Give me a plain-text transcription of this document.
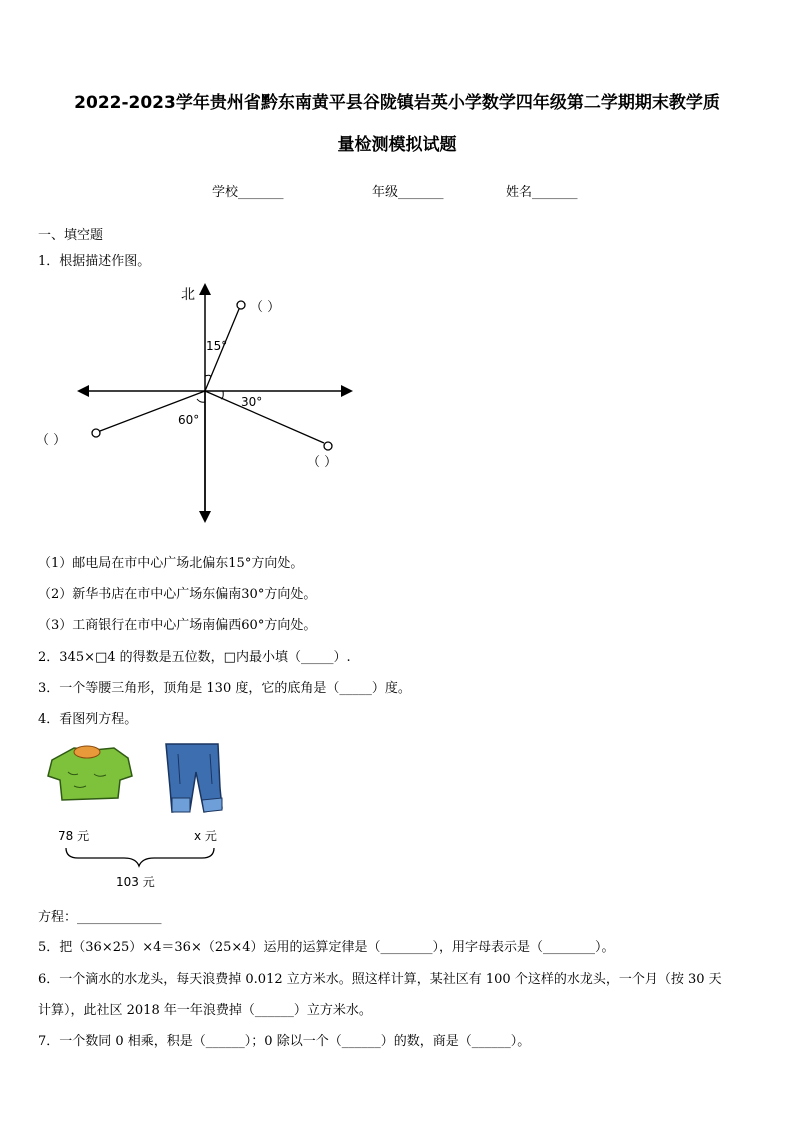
2022-2023学年贵州省黔东南黄平县谷陇镇岩英小学数学四年级第二学期期末教学质
量检测模拟试题
学校_______	年级_______	姓名_______
一、填空题
1．根据描述作图。
北
15°
30°
60°
（ ）
（ ）
（ ）
（1）邮电局在市中心广场北偏东15°方向处。
（2）新华书店在市中心广场东偏南30°方向处。
（3）工商银行在市中心广场南偏西60°方向处。
2．345×□4 的得数是五位数，□内最小填（_____）.
3．一个等腰三角形，顶角是 130 度，它的底角是（_____）度。
4．看图列方程。
78 元	x 元
103 元
方程：_____________
5．把（36×25）×4＝36×（25×4）运用的运算定律是（________），用字母表示是（________）。
6．一个滴水的水龙头，每天浪费掉 0.012 立方米水。照这样计算，某社区有 100 个这样的水龙头，一个月（按 30 天
计算），此社区 2018 年一年浪费掉（______）立方米水。
7．一个数同 0 相乘，积是（______）；0 除以一个（______）的数，商是（______）。
